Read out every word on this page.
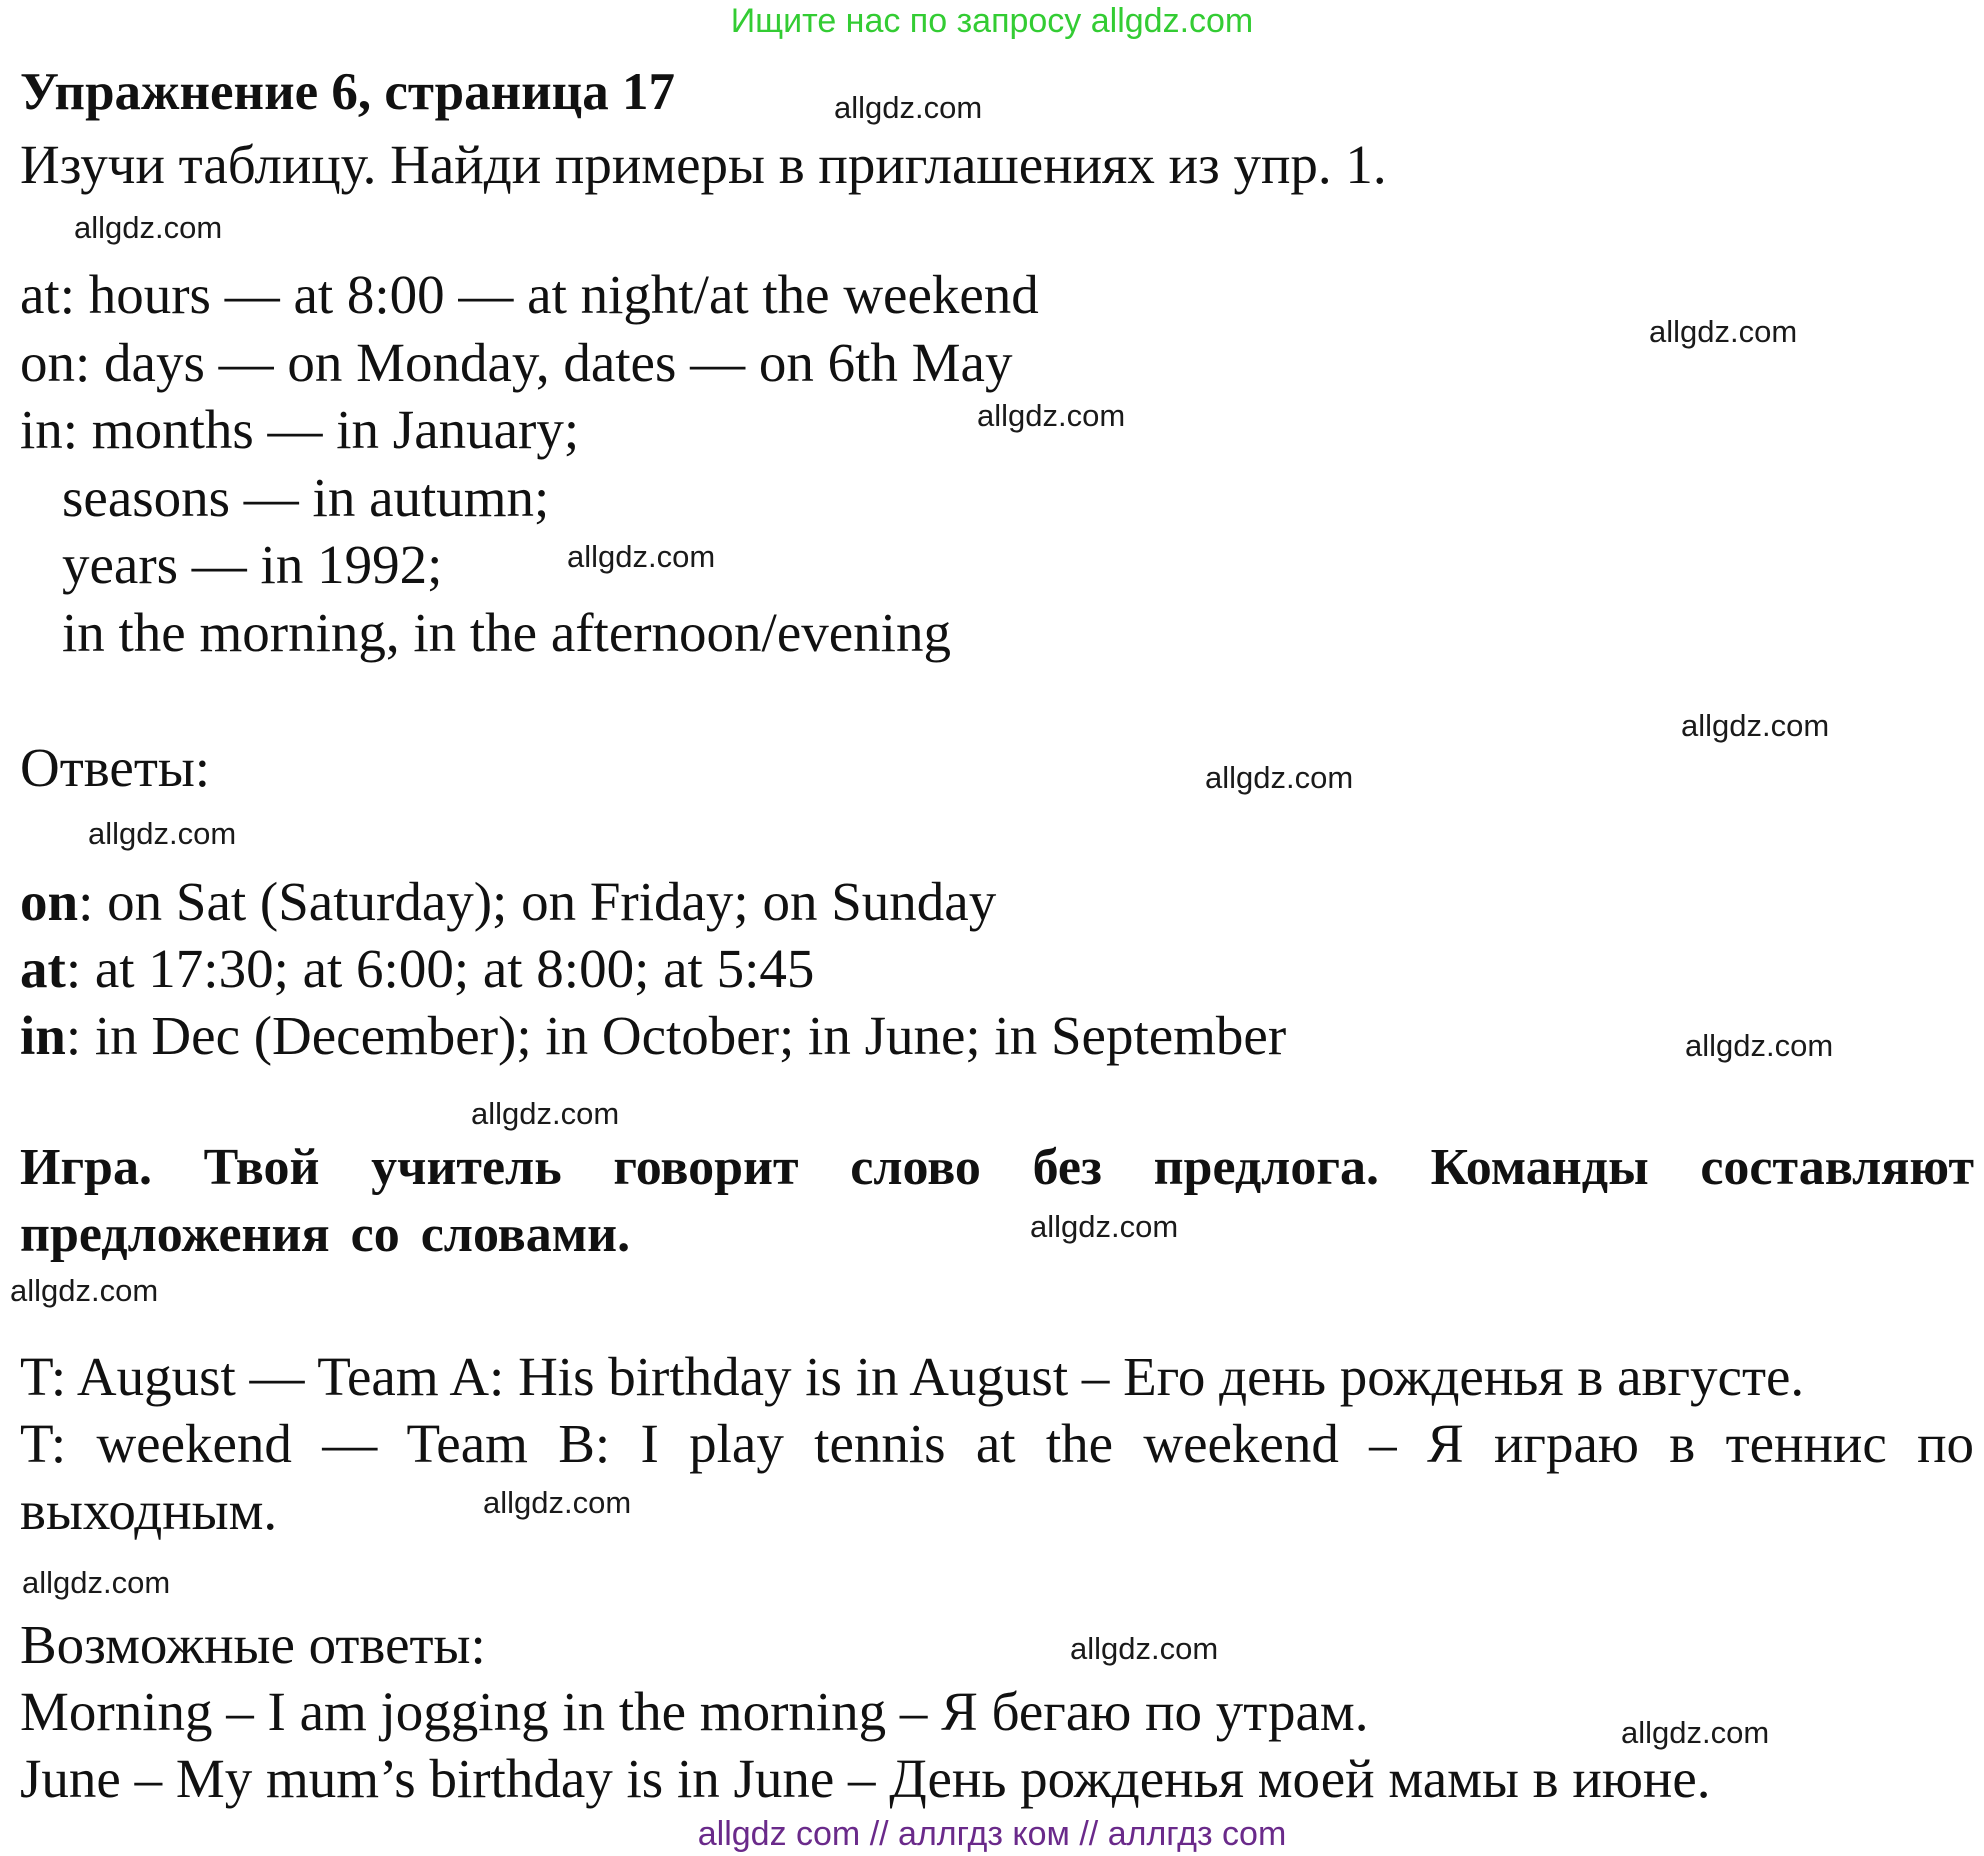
Ищите нас по запросу allgdz.com
Упражнение 6, страница 17	allgdz.com
Изучи таблицу. Найди примеры в приглашениях из упр. 1.
allgdz.com
at: hours — at 8:00 — at night/at the weekend
allgdz.com
on: days — on Monday, dates — on 6th May
allgdz.com
in: months — in January;
seasons — in autumn;
years — in 1992;	allgdz.com
in the morning, in the afternoon/evening
allgdz.com
Ответы:	allgdz.com
allgdz.com
on: on Sat (Saturday); on Friday; on Sunday
at: at 17:30; at 6:00; at 8:00; at 5:45
in: in Dec (December); in October; in June; in September	allgdz.com
allgdz.com
Игра. Твой учитель говорит слово без предлога. Команды составляют
allgdz.com
предложения со словами.
allgdz.com
T: August — Team A: His birthday is in August – Его день рожденья в августе.
T: weekend — Team B: I play tennis at the weekend – Я играю в теннис по
выходным.	allgdz.com
allgdz.com
Возможные ответы:	allgdz.com
Morning – I am jogging in the morning – Я бегаю по утрам.	allgdz.com
June – My mum’s birthday is in June – День рожденья моей мамы в июне.
allgdz com // аллгдз ком // аллгдз com
